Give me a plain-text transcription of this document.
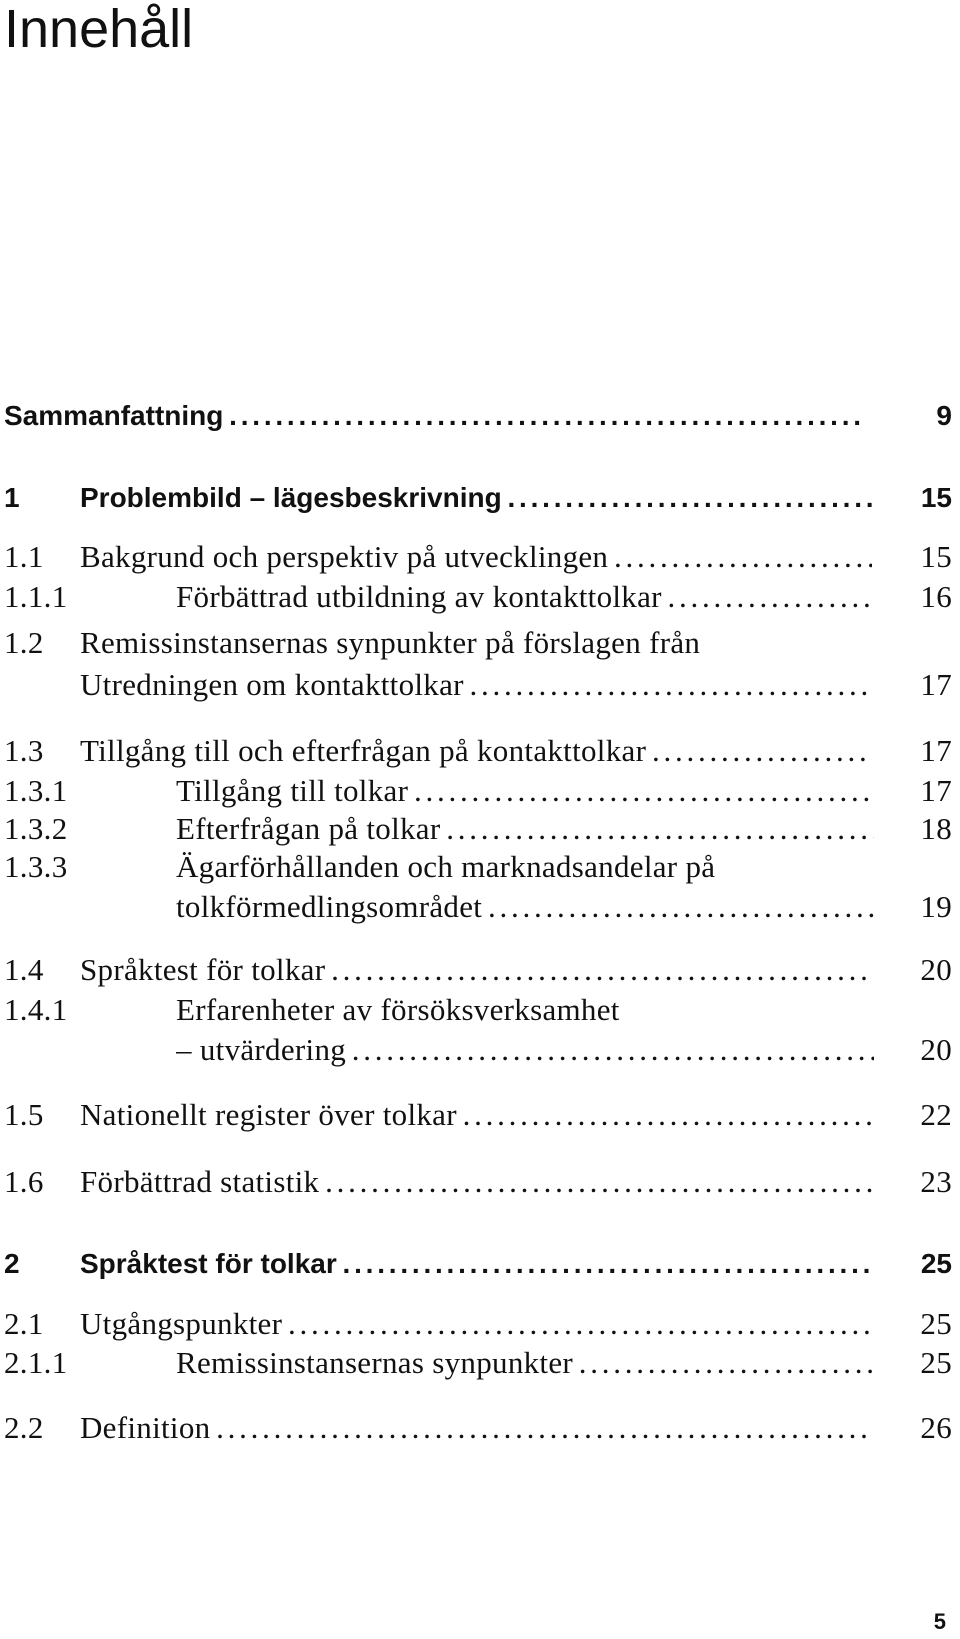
Innehåll
Sammanfattning . . .	9
1 Problembild – lägesbeskrivning . . .	15
1.1 Bakgrund och perspektiv på utvecklingen . . .	15
1.1.1	Förbättrad utbildning av kontakttolkar . . .	16
1.2 Remissinstansernas synpunkter på förslagen från
Utredningen om kontakttolkar . . .	17
1.3 Tillgång till och efterfrågan på kontakttolkar . . .	17
1.3.1	Tillgång till tolkar . . .	17
1.3.2	Efterfrågan på tolkar . . .	18
1.3.3	Ägarförhållanden och marknadsandelar på
tolkförmedlingsområdet . . .	19
1.4 Språktest för tolkar . . .	20
1.4.1	Erfarenheter av försöksverksamhet
– utvärdering . . .	20
1.5 Nationellt register över tolkar . . .	22
1.6 Förbättrad statistik . . .	23
2 Språktest för tolkar . . .	25
2.1 Utgångspunkter . . .	25
2.1.1	Remissinstansernas synpunkter . . .	25
2.2 Definition . . .	26
5
